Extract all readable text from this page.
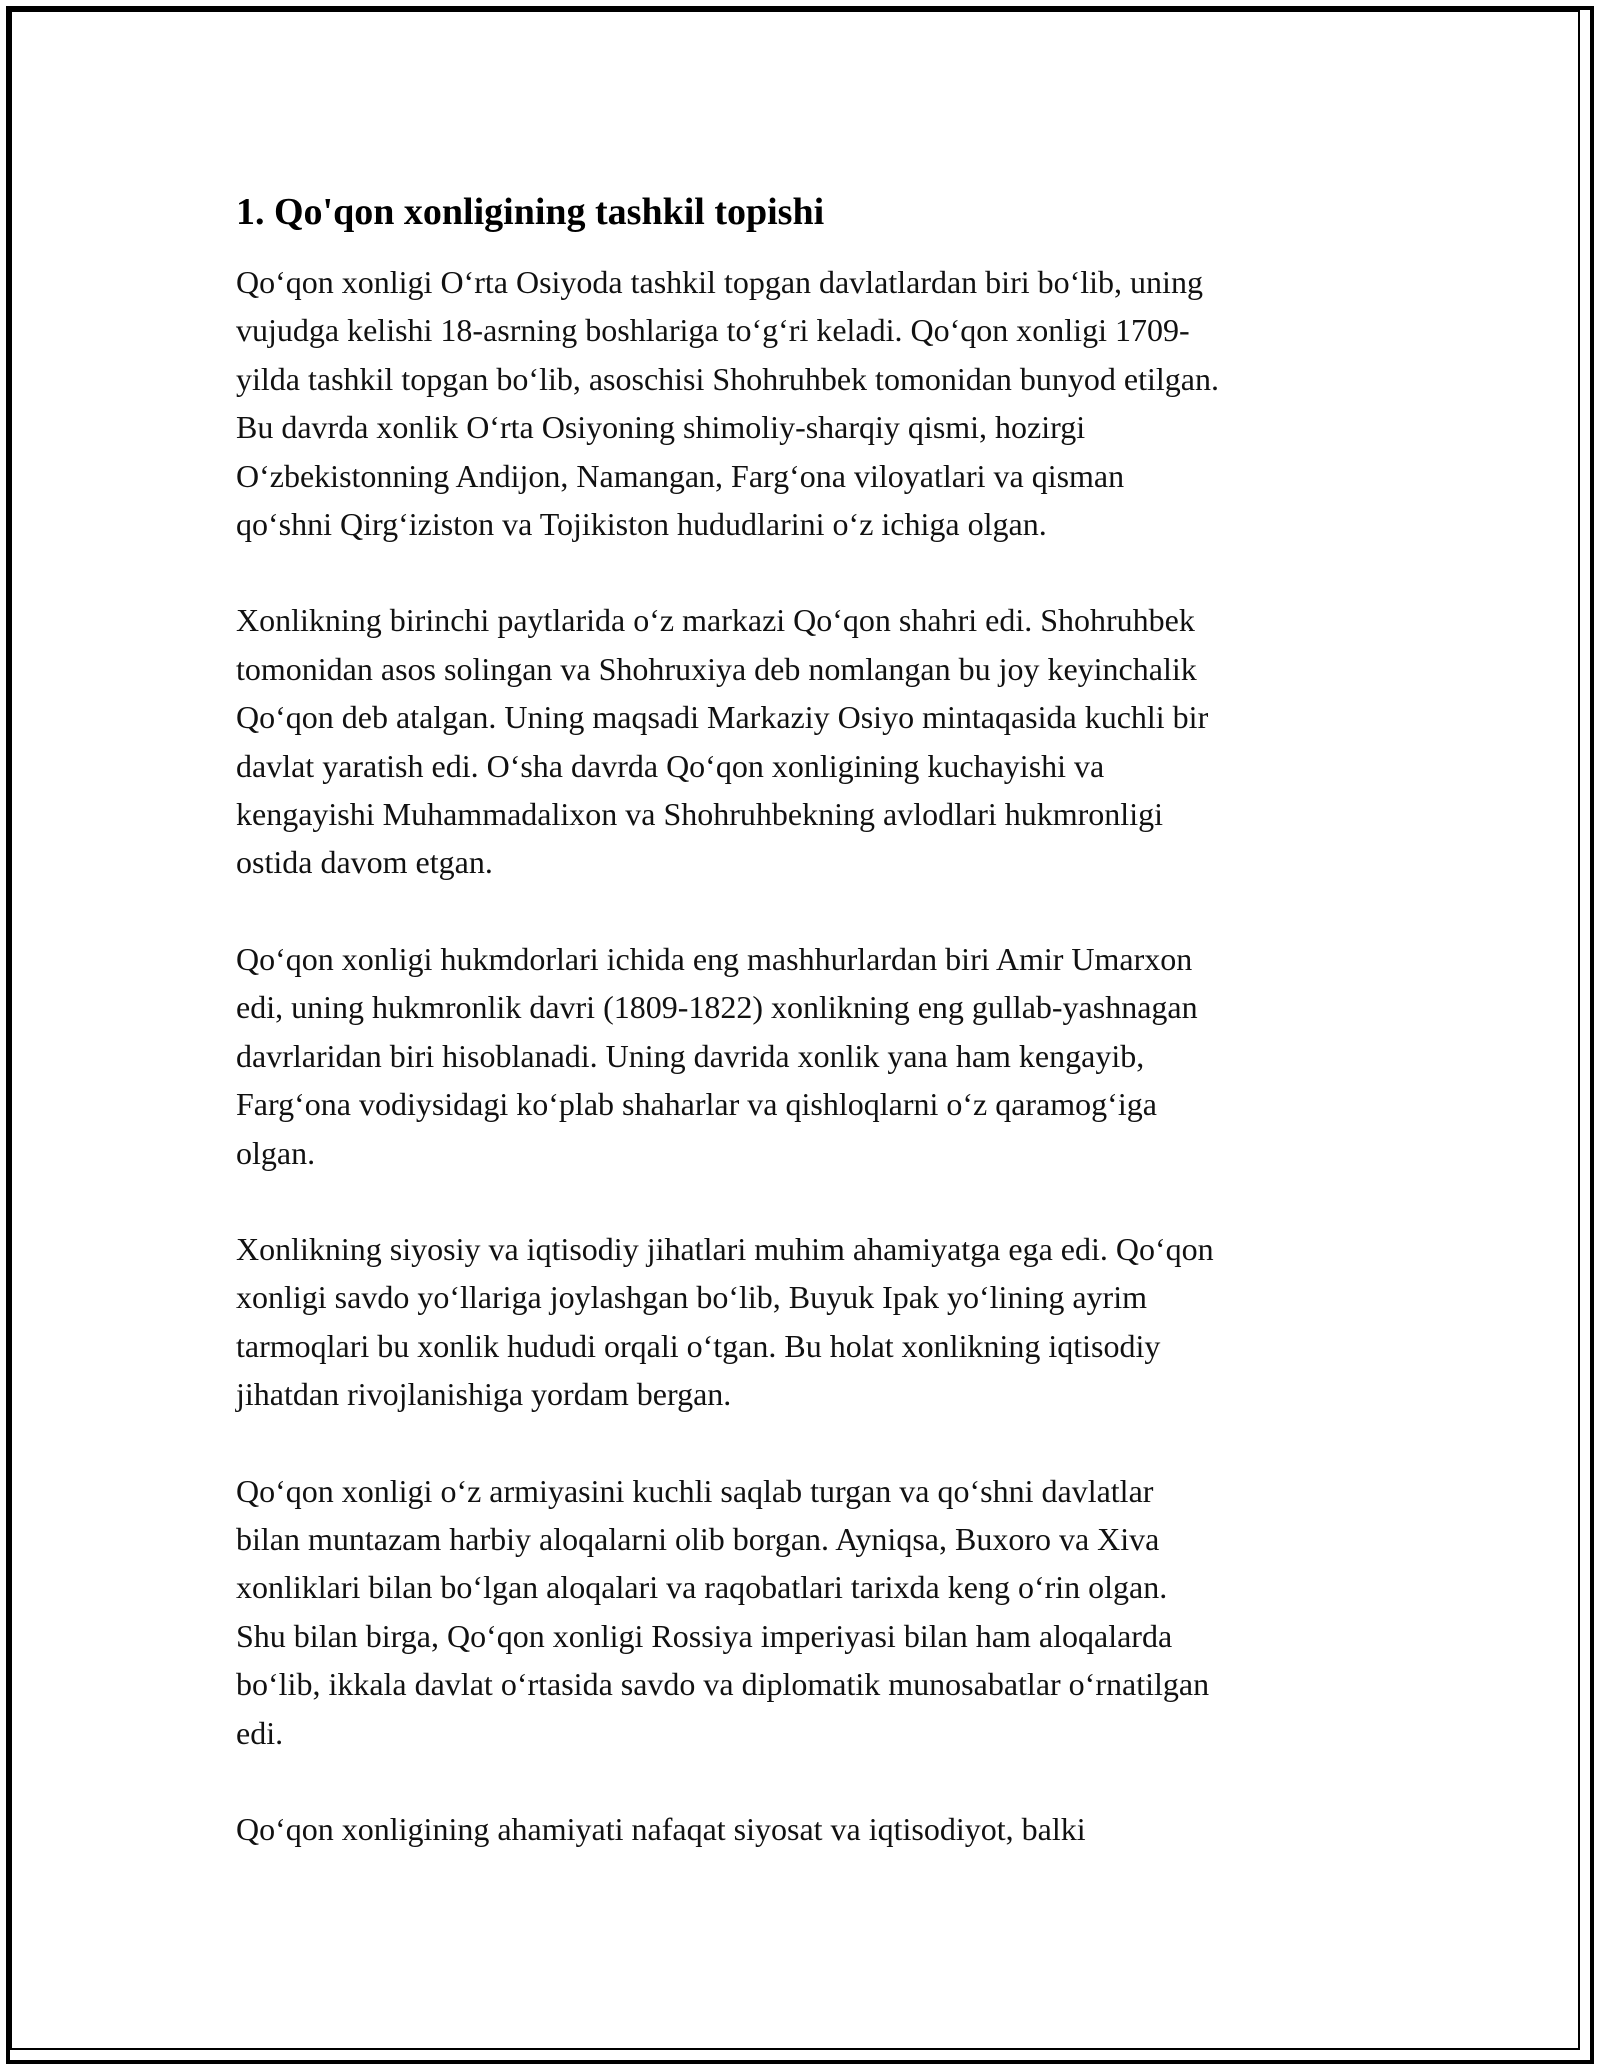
1. Qo'qon xonligining tashkil topishi
Qo‘qon xonligi O‘rta Osiyoda tashkil topgan davlatlardan biri bo‘lib, uning
vujudga kelishi 18-asrning boshlariga to‘g‘ri keladi. Qo‘qon xonligi 1709-
yilda tashkil topgan bo‘lib, asoschisi Shohruhbek tomonidan bunyod etilgan.
Bu davrda xonlik O‘rta Osiyoning shimoliy-sharqiy qismi, hozirgi
O‘zbekistonning Andijon, Namangan, Farg‘ona viloyatlari va qisman
qo‘shni Qirg‘iziston va Tojikiston hududlarini o‘z ichiga olgan.
Xonlikning birinchi paytlarida o‘z markazi Qo‘qon shahri edi. Shohruhbek
tomonidan asos solingan va Shohruxiya deb nomlangan bu joy keyinchalik
Qo‘qon deb atalgan. Uning maqsadi Markaziy Osiyo mintaqasida kuchli bir
davlat yaratish edi. O‘sha davrda Qo‘qon xonligining kuchayishi va
kengayishi Muhammadalixon va Shohruhbekning avlodlari hukmronligi
ostida davom etgan.
Qo‘qon xonligi hukmdorlari ichida eng mashhurlardan biri Amir Umarxon
edi, uning hukmronlik davri (1809-1822) xonlikning eng gullab-yashnagan
davrlaridan biri hisoblanadi. Uning davrida xonlik yana ham kengayib,
Farg‘ona vodiysidagi ko‘plab shaharlar va qishloqlarni o‘z qaramog‘iga
olgan.
Xonlikning siyosiy va iqtisodiy jihatlari muhim ahamiyatga ega edi. Qo‘qon
xonligi savdo yo‘llariga joylashgan bo‘lib, Buyuk Ipak yo‘lining ayrim
tarmoqlari bu xonlik hududi orqali o‘tgan. Bu holat xonlikning iqtisodiy
jihatdan rivojlanishiga yordam bergan.
Qo‘qon xonligi o‘z armiyasini kuchli saqlab turgan va qo‘shni davlatlar
bilan muntazam harbiy aloqalarni olib borgan. Ayniqsa, Buxoro va Xiva
xonliklari bilan bo‘lgan aloqalari va raqobatlari tarixda keng o‘rin olgan.
Shu bilan birga, Qo‘qon xonligi Rossiya imperiyasi bilan ham aloqalarda
bo‘lib, ikkala davlat o‘rtasida savdo va diplomatik munosabatlar o‘rnatilgan
edi.
Qo‘qon xonligining ahamiyati nafaqat siyosat va iqtisodiyot, balki
